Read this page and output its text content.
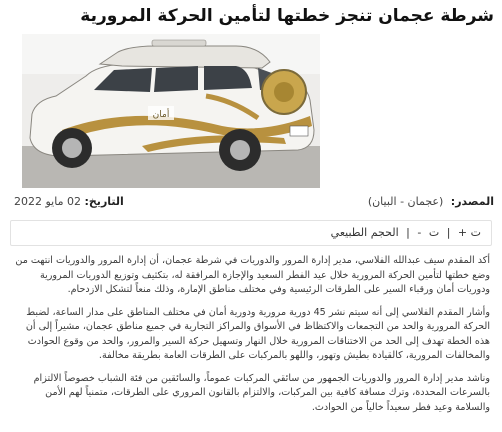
شرطة عجمان تنجز خطتها لتأمين الحركة المرورية
أمان
المصدر: (عجمان - البيان)
التاريخ: 02 مايو 2022
ت + | ت - | الحجم الطبيعي

أكد المقدم سيف عبدالله الفلاسي، مدير إدارة المرور والدوريات في شرطة عجمان، أن إدارة المرور والدوريات انتهت من وضع خطتها لتأمين الحركة المرورية خلال عيد الفطر السعيد والإجازة المرافقة له، بتكثيف وتوزيع الدوريات المرورية ودوريات أمان ورقباء السير على الطرقات الرئيسية وفي مختلف مناطق الإمارة، وذلك منعاً لتشكل الازدحام.

وأشار المقدم الفلاسي إلى أنه سيتم نشر 45 دورية مرورية ودورية أمان في مختلف المناطق على مدار الساعة، لضبط الحركة المرورية والحد من التجمعات والاكتظاظ في الأسواق والمراكز التجارية في جميع مناطق عجمان، مشيراً إلى أن هذه الخطة تهدف إلى الحد من الاختناقات المرورية خلال النهار وتسهيل حركة السير والمرور، والحد من وقوع الحوادث والمخالفات المرورية، كالقيادة بطيش وتهور، واللهو بالمركبات على الطرقات العامة بطريقة مخالفة.

وناشد مدير إدارة المرور والدوريات الجمهور من سائقي المركبات عموماً، والسائقين من فئة الشباب خصوصاً الالتزام بالسرعات المحددة، وترك مسافة كافية بين المركبات، والالتزام بالقانون المروري على الطرقات، متمنياً لهم الأمن والسلامة وعيد فطر سعيداً خالياً من الحوادث.
